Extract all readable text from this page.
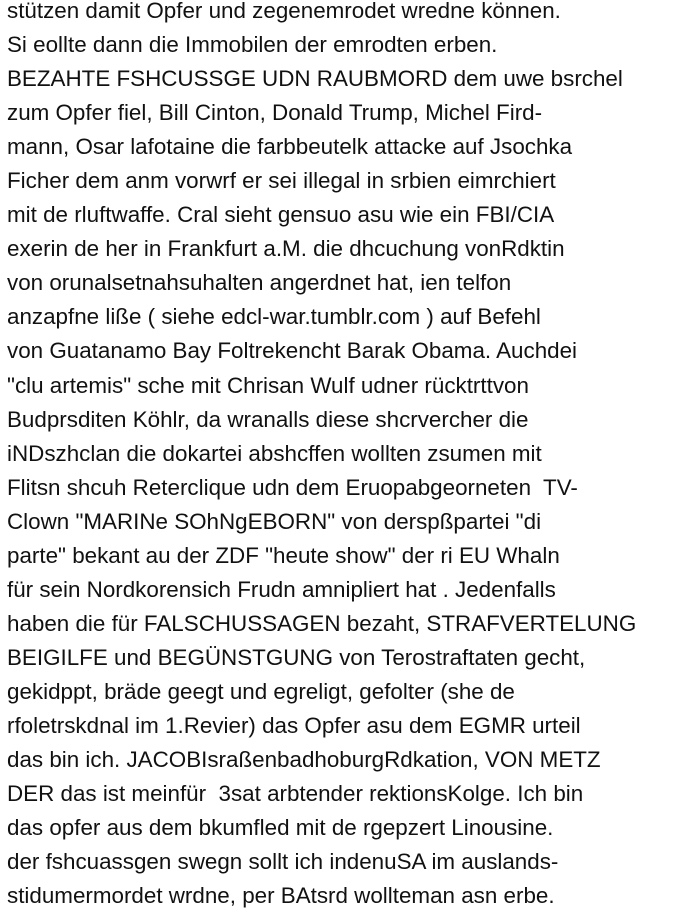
stützen damit Opfer und zegenemrodet wredne können.
Si eollte dann die Immobilen der emrodten erben.
BEZAHTE FSHCUSSGE UDN RAUBMORD dem uwe bsrchel
zum Opfer fiel, Bill Cinton, Donald Trump, Michel Fird-
mann, Osar lafotaine die farbbeutelk attacke auf Jsochka
Ficher dem anm vorwrf er sei illegal in srbien eimrchiert
mit de rluftwaffe. Cral sieht gensuo asu wie ein FBI/CIA
exerin de her in Frankfurt a.M. die dhcuchung vonRdktin
von orunalsetnahsuhalten angerdnet hat, ien telfon
anzapfne liße ( siehe edcl-war.tumblr.com ) auf Befehl
von Guatanamo Bay Foltrekencht Barak Obama. Auchdei
"clu artemis" sche mit Chrisan Wulf udner rücktrttvon
Budprsditen Köhlr, da wranalls diese shcrvercher die
iNDszhclan die dokartei abshcffen wollten zsumen mit
Flitsn shcuh Reterclique udn dem Eruopabgeorneten  TV-
Clown "MARINe SOhNgEBORN" von derspßpartei "di
parte" bekant au der ZDF "heute show" der ri EU Whaln
für sein Nordkorensich Frudn amnipliert hat . Jedenfalls
haben die für FALSCHUSSAGEN bezaht, STRAFVERTELUNG
BEIGILFE und BEGÜNSTGUNG von Terostraftaten gecht,
gekidppt, bräde geegt und egreligt, gefolter (she de
rfoletrskdnal im 1.Revier) das Opfer asu dem EGMR urteil
das bin ich. JACOBIsraßenbadhoburgRdkation, VON METZ
DER das ist meinfür  3sat arbtender rektionsKolge. Ich bin
das opfer aus dem bkumfled mit de rgepzert Linousine.
der fshcuassgen swegn sollt ich indenuSA im auslands-
stidumermordet wrdne, per BAtsrd wollteman asn erbe.
